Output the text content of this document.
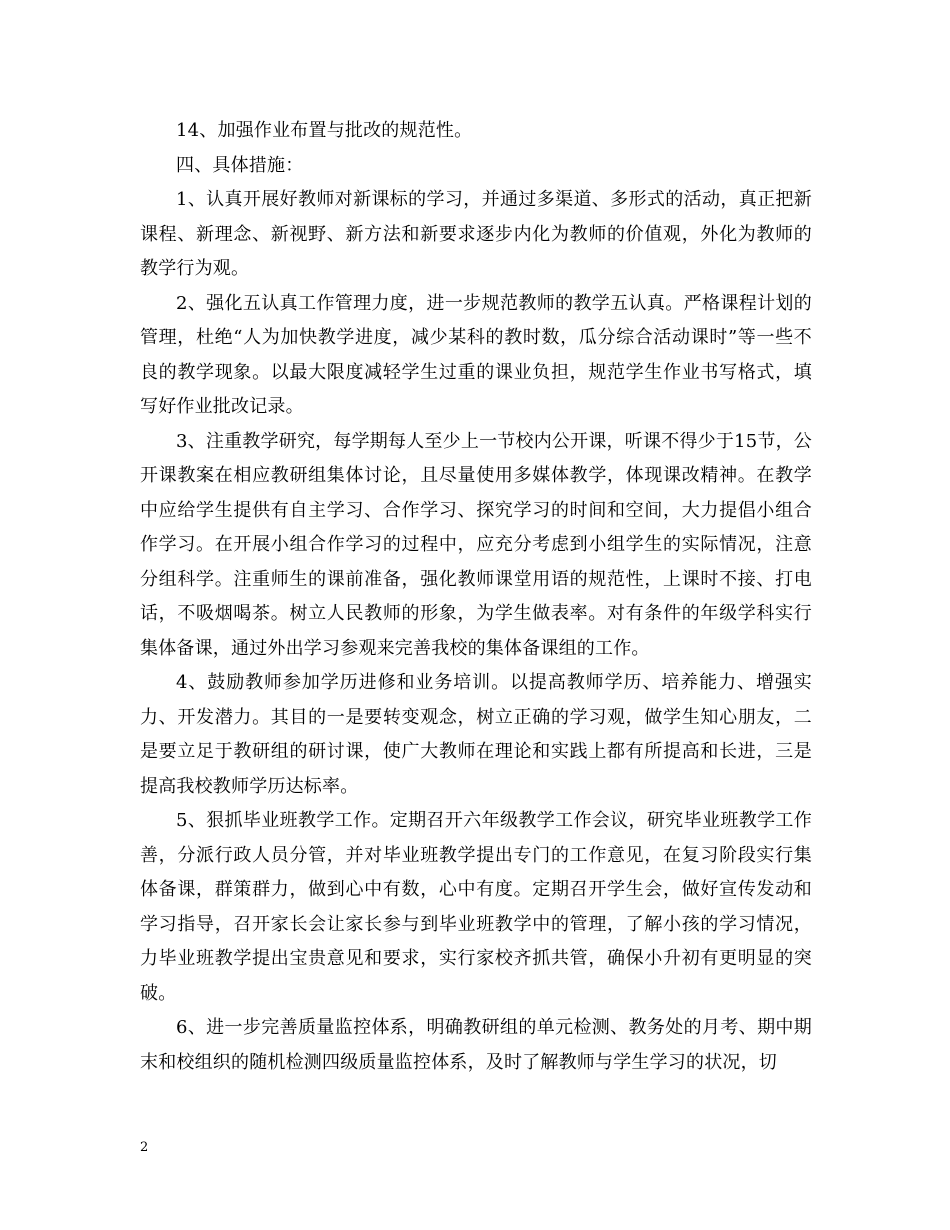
14、加强作业布置与批改的规范性。

四、具体措施：

1、认真开展好教师对新课标的学习，并通过多渠道、多形式的活动，真正把新课程、新理念、新视野、新方法和新要求逐步内化为教师的价值观，外化为教师的教学行为观。

2、强化五认真工作管理力度，进一步规范教师的教学五认真。严格课程计划的管理，杜绝“人为加快教学进度，减少某科的教时数，瓜分综合活动课时”等一些不良的教学现象。以最大限度减轻学生过重的课业负担，规范学生作业书写格式，填写好作业批改记录。

3、注重教学研究，每学期每人至少上一节校内公开课，听课不得少于15节，公开课教案在相应教研组集体讨论，且尽量使用多媒体教学，体现课改精神。在教学中应给学生提供有自主学习、合作学习、探究学习的时间和空间，大力提倡小组合作学习。在开展小组合作学习的过程中，应充分考虑到小组学生的实际情况，注意分组科学。注重师生的课前准备，强化教师课堂用语的规范性，上课时不接、打电话，不吸烟喝茶。树立人民教师的形象，为学生做表率。对有条件的年级学科实行集体备课，通过外出学习参观来完善我校的集体备课组的工作。

4、鼓励教师参加学历进修和业务培训。以提高教师学历、培养能力、增强实力、开发潜力。其目的一是要转变观念，树立正确的学习观，做学生知心朋友，二是要立足于教研组的研讨课，使广大教师在理论和实践上都有所提高和长进，三是提高我校教师学历达标率。

5、狠抓毕业班教学工作。定期召开六年级教学工作会议，研究毕业班教学工作善，分派行政人员分管，并对毕业班教学提出专门的工作意见，在复习阶段实行集体备课，群策群力，做到心中有数，心中有度。定期召开学生会，做好宣传发动和学习指导，召开家长会让家长参与到毕业班教学中的管理，了解小孩的学习情况，力毕业班教学提出宝贵意见和要求，实行家校齐抓共管，确保小升初有更明显的突破。

6、进一步完善质量监控体系，明确教研组的单元检测、教务处的月考、期中期末和校组织的随机检测四级质量监控体系，及时了解教师与学生学习的状况，切

2
